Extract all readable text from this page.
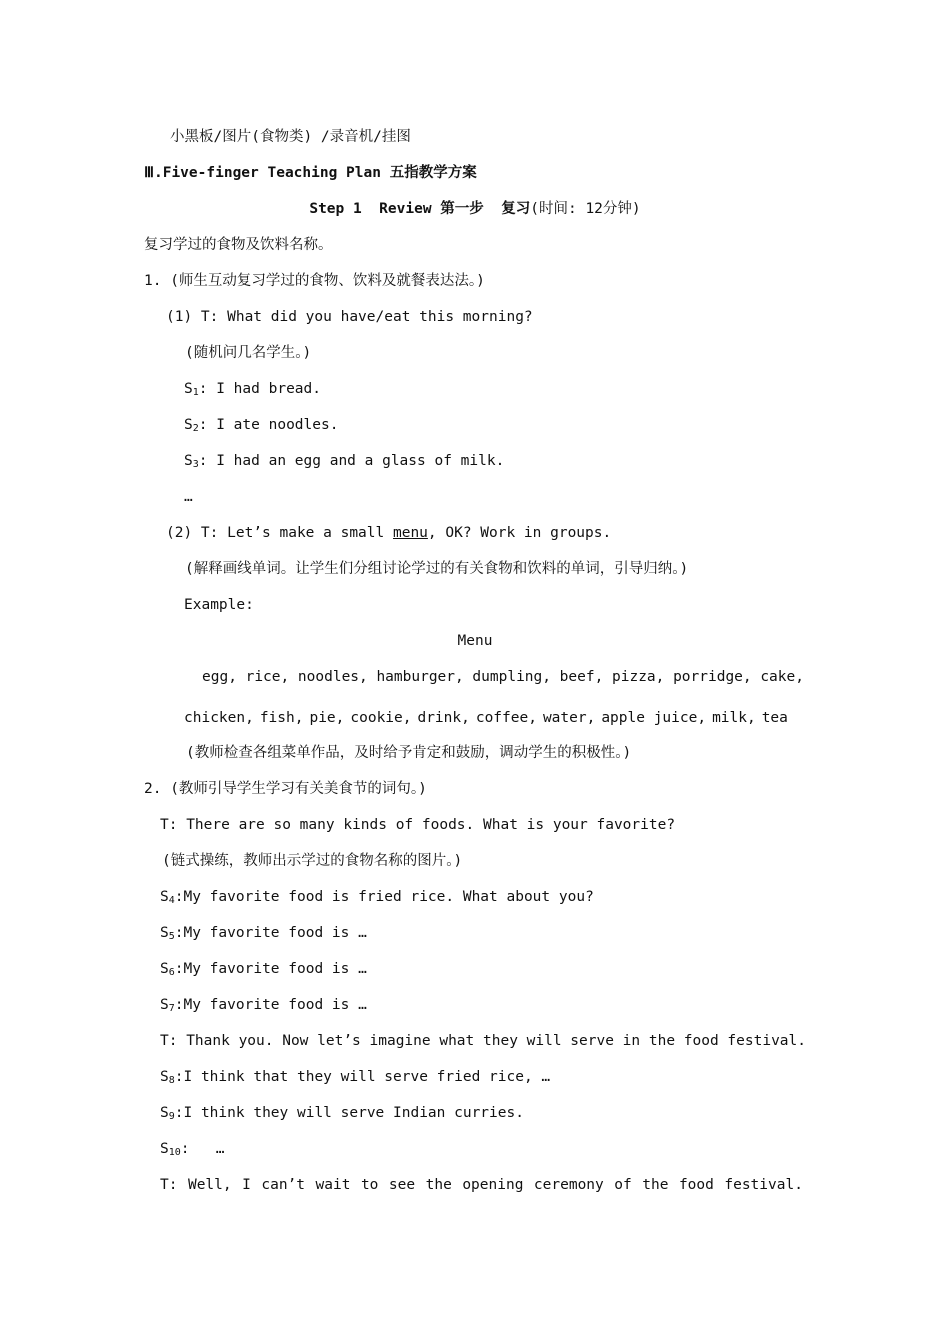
小黑板/图片(食物类) /录音机/挂图
Ⅲ.Five-finger Teaching Plan 五指教学方案
Step 1  Review 第一步  复习(时间: 12分钟)
复习学过的食物及饮料名称。
1. (师生互动复习学过的食物、饮料及就餐表达法。)
(1) T: What did you have/eat this morning?
(随机问几名学生。)
$S_1$: I had bread.
$S_2$: I ate noodles.
$S_3$: I had an egg and a glass of milk.
…
(2) T: Let’s make a small menu, OK? Work in groups.
(解释画线单词。让学生们分组讨论学过的有关食物和饮料的单词，引导归纳。)
Example:
Menu
egg, rice, noodles, hamburger, dumpling, beef, pizza, porridge, cake,
chicken, fish, pie, cookie, drink, coffee, water, apple juice, milk, tea
(教师检查各组菜单作品，及时给予肯定和鼓励，调动学生的积极性。)
2. (教师引导学生学习有关美食节的词句。)
T: There are so many kinds of foods. What is your favorite?
(链式操练，教师出示学过的食物名称的图片。)
$S_4:My$ favorite food is fried rice. What about you?
$S_5:My$ favorite food is …
$S_6:My$ favorite food is …
$S_7:My$ favorite food is …
T: Thank you. Now let’s imagine what they will serve in the food festival.
$S_8:I$ think that they will serve fried rice, …
$S_9:I$ think they will serve Indian curries.
$S_{10}$:   …
T: Well, I can’t wait to see the opening ceremony of the food festival.
